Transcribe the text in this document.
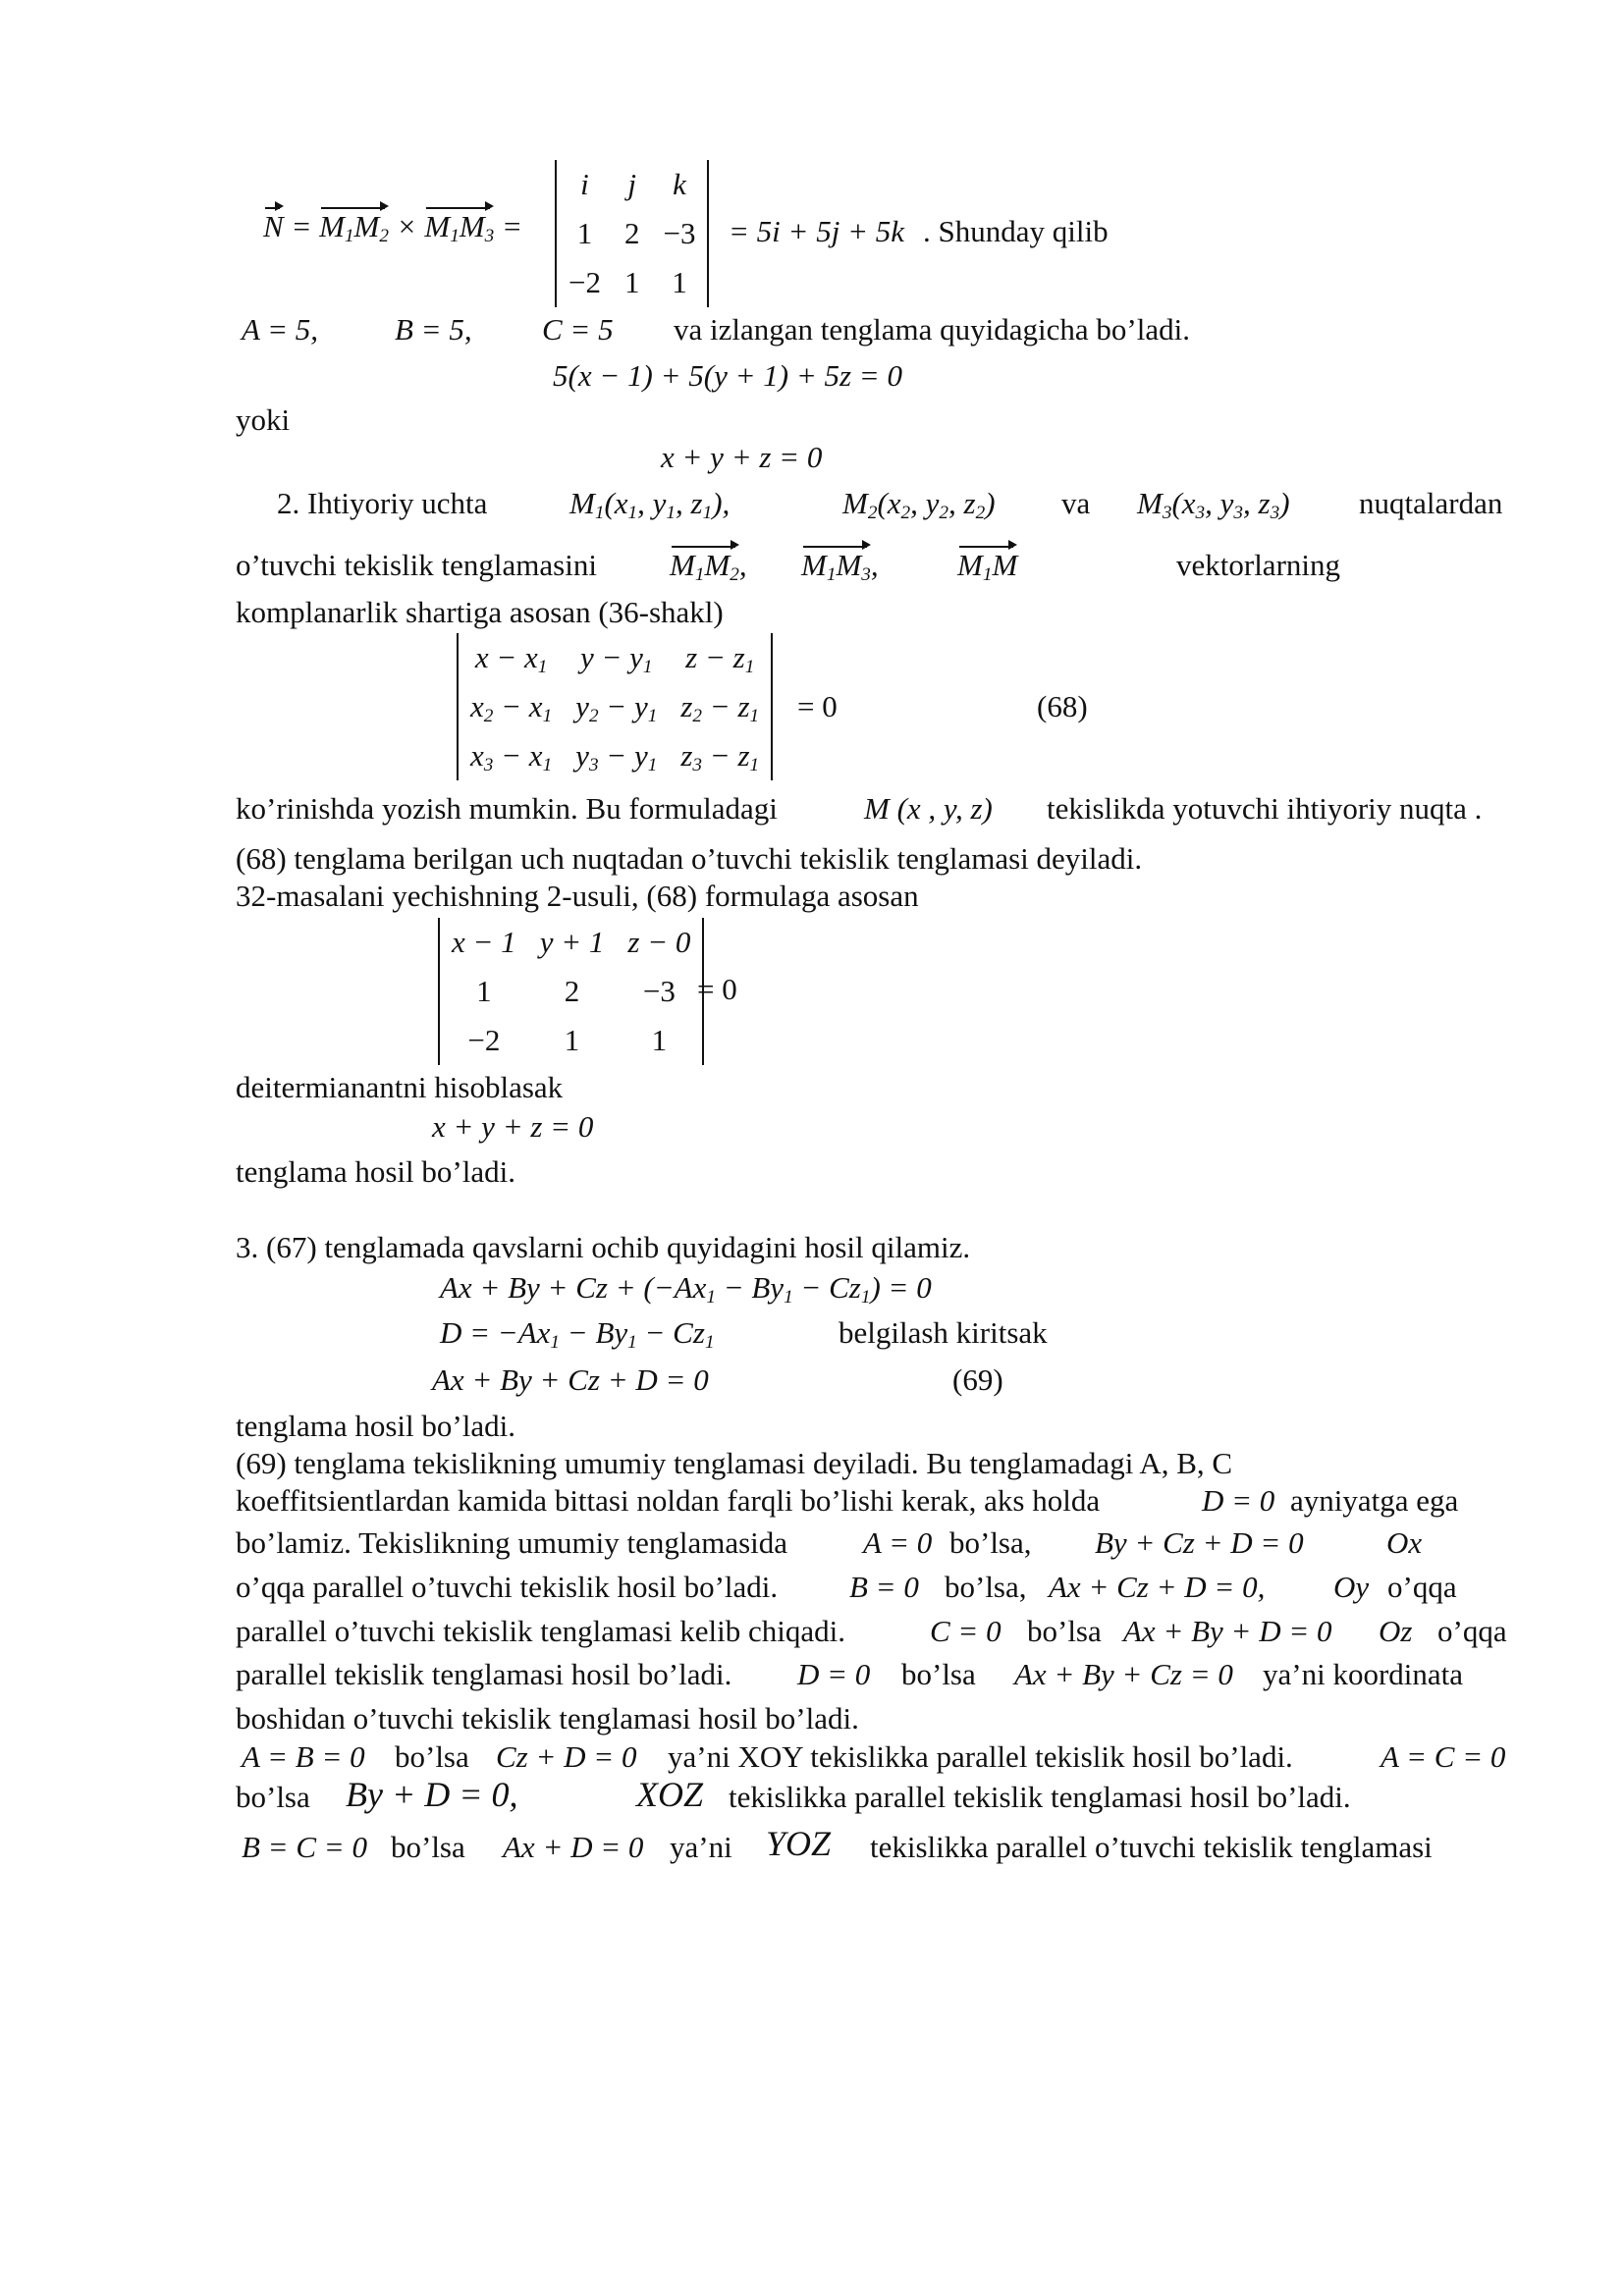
$N = M_1M_2 \times M_1M_3$ =
i	j	k
1	2	−3
−2	1	1
= 5i + 5j + 5k . Shunday qilib
A = 5,	B = 5, C = 5 va izlangan tenglama quyidagicha bo’ladi.
5(x − 1) + 5(y + 1) + 5z = 0
yoki
x + y + z = 0
2. Ihtiyoriy uchta	$M_1(x_1$, $y_1$, $z_1$),	$M_2(x_2$, $y_2$, $z_2$) va $M_3(x_3$, $y_3$, $z_3$) nuqtalardan
o’tuvchi tekislik tenglamasini $M_1M_2$, $M_1M_3$,	$M_1M$	vektorlarning
komplanarlik shartiga asosan (36-shakl)
$x - x_1$	$y - y_1$	$z - z_1$
$x_2 - x_1$	$y_2 - y_1$	$z_2 - z_1$
$x_3 - x_1$	$y_3 - y_1$	$z_3 - z_1$
= 0	(68)
ko’rinishda yozish mumkin. Bu formuladagi	M (x , y, z) tekislikda yotuvchi ihtiyoriy nuqta .
(68) tenglama berilgan uch nuqtadan o’tuvchi tekislik tenglamasi deyiladi.
32-masalani yechishning 2-usuli, (68) formulaga asosan
x − 1	y + 1	z − 0
1	2	−3
−2	1	1
= 0
deitermianantni hisoblasak
x + y + z = 0
tenglama hosil bo’ladi.
3. (67) tenglamada qavslarni ochib quyidagini hosil qilamiz.
$Ax + By + Cz + (-Ax_1 - By_1 - Cz_1) = 0$
$D = -Ax_1 - By_1 - Cz_1$	belgilash kiritsak
Ax + By + Cz + D = 0	(69)
tenglama hosil bo’ladi.
(69) tenglama tekislikning umumiy tenglamasi deyiladi. Bu tenglamadagi A, B, C
koeffitsientlardan kamida bittasi noldan farqli bo’lishi kerak, aks holda	D = 0 ayniyatga ega
bo’lamiz. Tekislikning umumiy tenglamasida A = 0 bo’lsa, By + Cz + D = 0	Ox
o’qqa parallel o’tuvchi tekislik hosil bo’ladi. B = 0 bo’lsa, Ax + Cz + D = 0, Oy o’qqa
parallel o’tuvchi tekislik tenglamasi kelib chiqadi.	C = 0 bo’lsa Ax + By + D = 0 Oz o’qqa
parallel tekislik tenglamasi hosil bo’ladi. D = 0 bo’lsa Ax + By + Cz = 0 ya’ni koordinata
boshidan o’tuvchi tekislik tenglamasi hosil bo’ladi.
A = B = 0 bo’lsa Cz + D = 0 ya’ni XOY tekislikka parallel tekislik hosil bo’ladi.	A = C = 0
bo’lsa By + D = 0,	XOZ tekislikka parallel tekislik tenglamasi hosil bo’ladi.
B = C = 0 bo’lsa Ax + D = 0 ya’ni YOZ tekislikka parallel o’tuvchi tekislik tenglamasi
